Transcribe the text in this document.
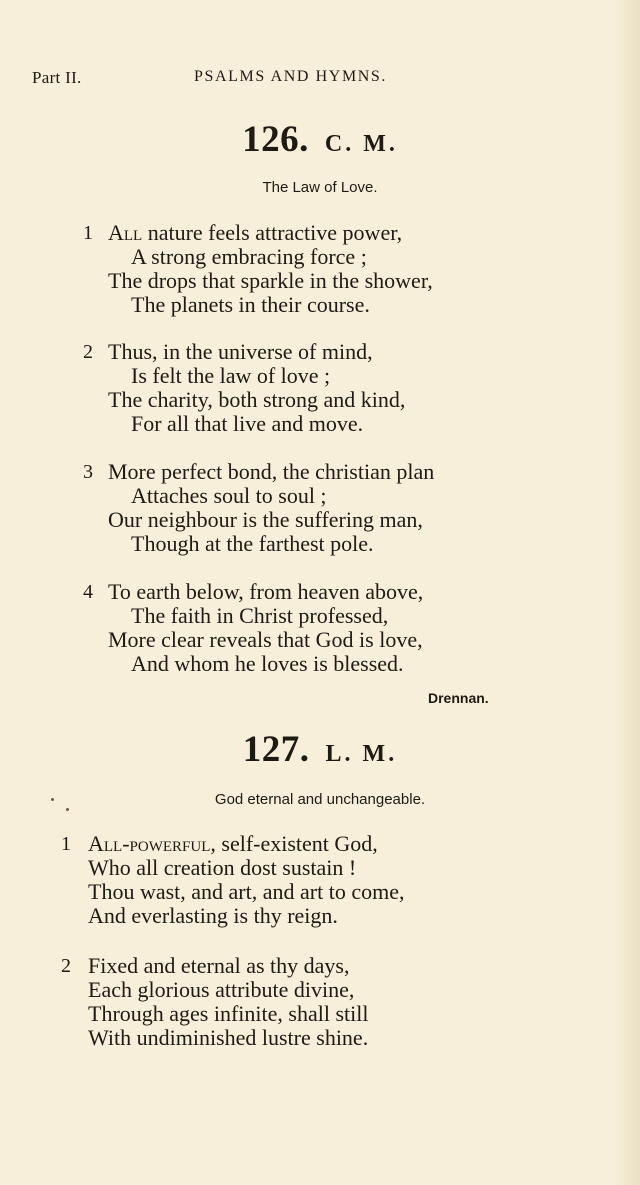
Part II.	PSALMS AND HYMNS.
126. C. M.
The Law of Love.
1 All nature feels attractive power,
A strong embracing force ;
The drops that sparkle in the shower,
The planets in their course.
2 Thus, in the universe of mind,
Is felt the law of love ;
The charity, both strong and kind,
For all that live and move.
3 More perfect bond, the christian plan
Attaches soul to soul ;
Our neighbour is the suffering man,
Though at the farthest pole.
4 To earth below, from heaven above,
The faith in Christ professed,
More clear reveals that God is love,
And whom he loves is blessed.
Drennan.
127. L. M.
God eternal and unchangeable.
1 All-powerful, self-existent God,
Who all creation dost sustain !
Thou wast, and art, and art to come,
And everlasting is thy reign.
2 Fixed and eternal as thy days,
Each glorious attribute divine,
Through ages infinite, shall still
With undiminished lustre shine.
